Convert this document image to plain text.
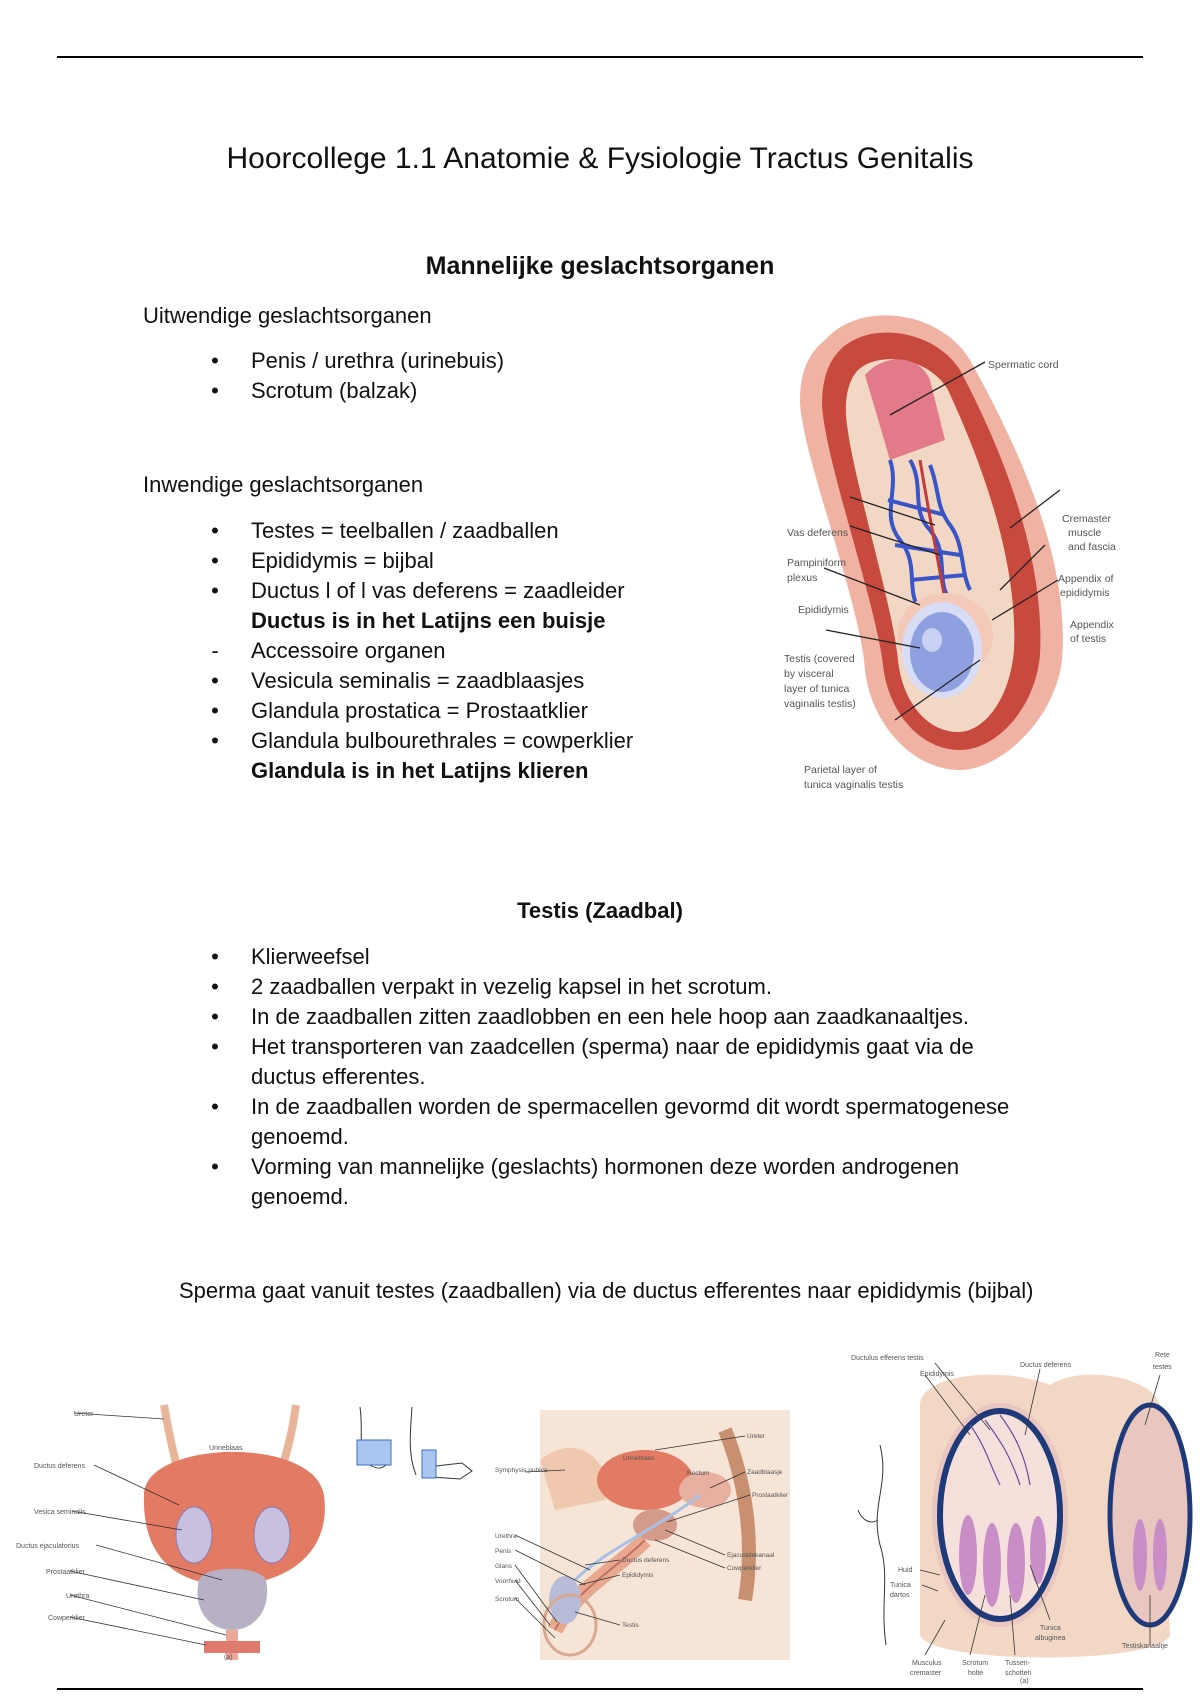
Hoorcollege 1.1 Anatomie & Fysiologie Tractus Genitalis
Mannelijke geslachtsorganen
Uitwendige geslachtsorganen
•
Penis / urethra (urinebuis)
•
Scrotum (balzak)
Inwendige geslachtsorganen
•
Testes = teelballen / zaadballen
•
Epididymis = bijbal
•
Ductus l of l vas deferens = zaadleider
Ductus is in het Latijns een buisje
-
Accessoire organen
•
Vesicula seminalis = zaadblaasjes
•
Glandula prostatica = Prostaatklier
•
Glandula bulbourethrales = cowperklier
Glandula is in het Latijns klieren
Spermatic cord
Cremaster
muscle
and fascia
Vas deferens
Pampiniform
plexus
Epididymis
Appendix of
epididymis
Appendix
of testis
Testis (covered
by visceral
layer of tunica
vaginalis testis)
Parietal layer of
tunica vaginalis testis
Testis (Zaadbal)
•
Klierweefsel
•
2 zaadballen verpakt in vezelig kapsel in het scrotum.
•
In de zaadballen zitten zaadlobben en een hele hoop aan zaadkanaaltjes.
•
Het transporteren van zaadcellen (sperma) naar de epididymis gaat via de ductus efferentes.
•
In de zaadballen worden de spermacellen gevormd dit wordt spermatogenese genoemd.
•
Vorming van mannelijke (geslachts) hormonen deze worden androgenen genoemd.
Sperma gaat vanuit testes (zaadballen) via de ductus efferentes naar epididymis (bijbal)
Ureter
Urineblaas
Ductus deferens
Vesica seminalis
Ductus ejaculatorius
Prostaatklier
Urethra
Cowperklier
(a)
Ureter
Zaadblaasje
Prostaatklier
Symphysis pubica
Urineblaas
Rectum
Urethra
Penis
Glans
Voorhuid
Scrotum
Ductus deferens
Epididymis
Testis
Ejaculatiekanaal
Cowperklier
Ductulus efferens testis
Epididymis
Ductus deferens
Rete
testes
Huid
Tunica
dartos
Tunica
albuginea
Musculus
cremaster
Scrotum
holte
Tussen-
schotten
Testiskanaaltje
(a)
